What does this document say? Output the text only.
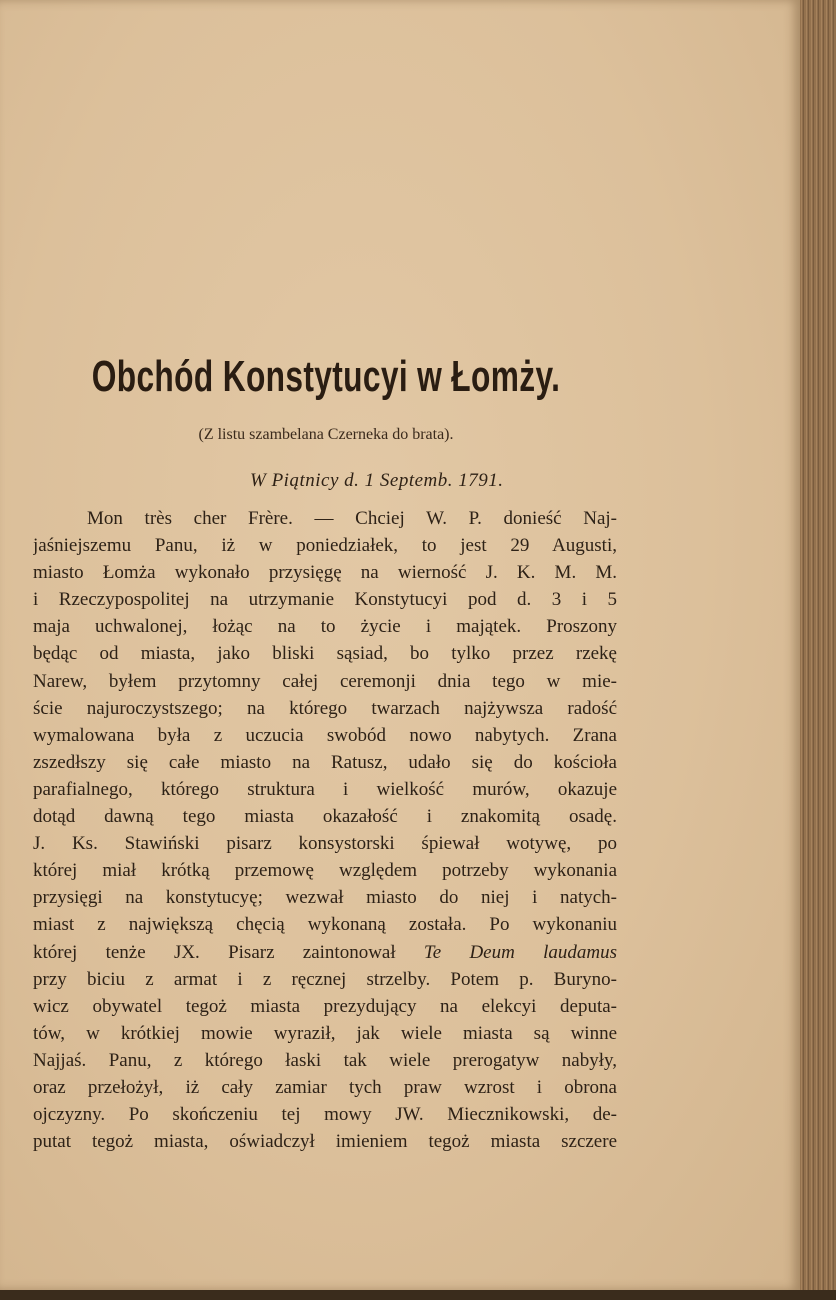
Obchód Konstytucyi w Łomży.
(Z listu szambelana Czerneka do brata).
W Piątnicy d. 1 Septemb. 1791.
Mon très cher Frère. — Chciej W. P. donieść Naj-
jaśniejszemu Panu, iż w poniedziałek, to jest 29 Augusti,
miasto Łomża wykonało przysięgę na wierność J. K. M. M.
i Rzeczypospolitej na utrzymanie Konstytucyi pod d. 3 i 5
maja uchwalonej, łożąc na to życie i majątek. Proszony
będąc od miasta, jako bliski sąsiad, bo tylko przez rzekę
Narew, byłem przytomny całej ceremonji dnia tego w mie-
ście najuroczystszego; na którego twarzach najżywsza radość
wymalowana była z uczucia swobód nowo nabytych. Zrana
zszedłszy się całe miasto na Ratusz, udało się do kościoła
parafialnego, którego struktura i wielkość murów, okazuje
dotąd dawną tego miasta okazałość i znakomitą osadę.
J. Ks. Stawiński pisarz konsystorski śpiewał wotywę, po
której miał krótką przemowę względem potrzeby wykonania
przysięgi na konstytucyę; wezwał miasto do niej i natych-
miast z największą chęcią wykonaną została. Po wykonaniu
której tenże JX. Pisarz zaintonował Te Deum laudamus
przy biciu z armat i z ręcznej strzelby. Potem p. Buryno-
wicz obywatel tegoż miasta prezydujący na elekcyi deputa-
tów, w krótkiej mowie wyraził, jak wiele miasta są winne
Najjaś. Panu, z którego łaski tak wiele prerogatyw nabyły,
oraz przełożył, iż cały zamiar tych praw wzrost i obrona
ojczyzny. Po skończeniu tej mowy JW. Miecznikowski, de-
putat tegoż miasta, oświadczył imieniem tegoż miasta szczere
